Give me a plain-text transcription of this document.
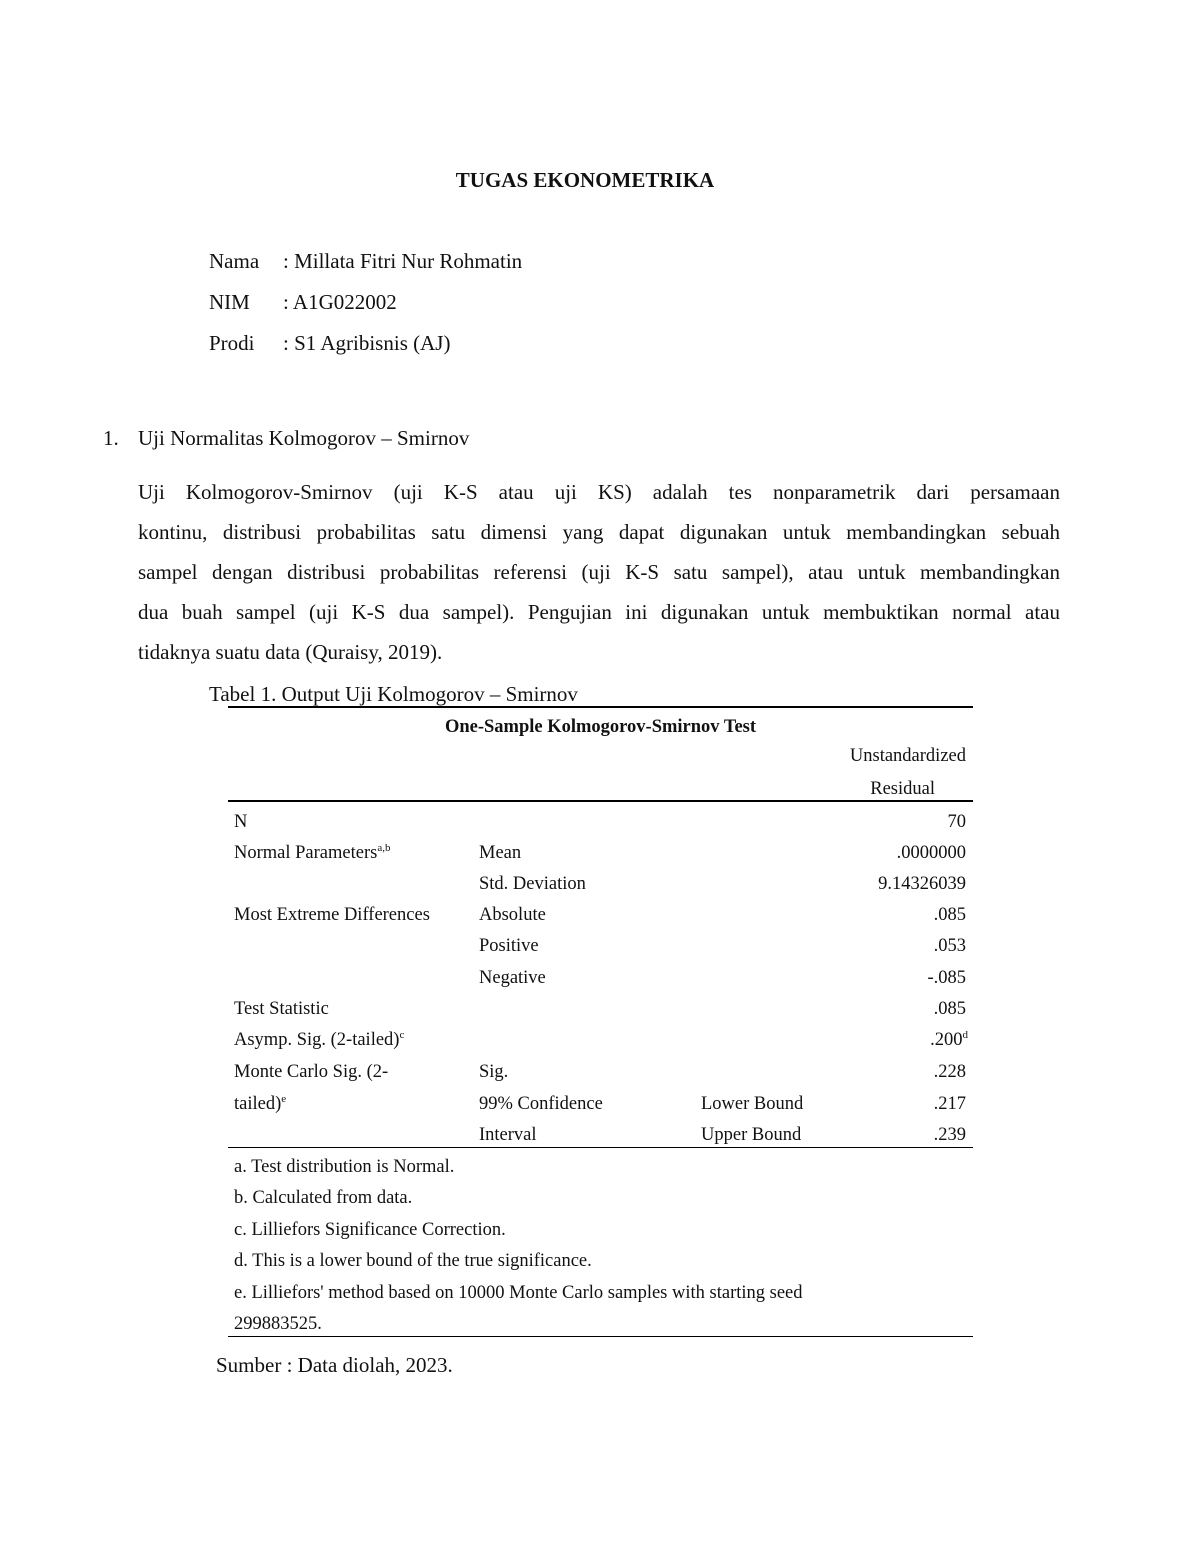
TUGAS EKONOMETRIKA
Nama : Millata Fitri Nur Rohmatin
NIM : A1G022002
Prodi : S1 Agribisnis (AJ)
1. Uji Normalitas Kolmogorov – Smirnov
Uji Kolmogorov-Smirnov (uji K-S atau uji KS) adalah tes nonparametrik dari persamaan
kontinu, distribusi probabilitas satu dimensi yang dapat digunakan untuk membandingkan sebuah
sampel dengan distribusi probabilitas referensi (uji K-S satu sampel), atau untuk membandingkan
dua buah sampel (uji K-S dua sampel). Pengujian ini digunakan untuk membuktikan normal atau
tidaknya suatu data (Quraisy, 2019).
Tabel 1. Output Uji Kolmogorov – Smirnov
One-Sample Kolmogorov-Smirnov Test
Unstandardized
Residual
N	70
Normal Parameters$^{a,b}$	Mean	.0000000
Std. Deviation	9.14326039
Most Extreme Differences	Absolute	.085
Positive	.053
Negative	-.085
Test Statistic	.085
Asymp. Sig. (2-tailed)$^c$	.200$^d$
Monte Carlo Sig. (2-	Sig.	.228
tailed)$^e$	99% Confidence	Lower Bound	.217
Interval	Upper Bound	.239
a. Test distribution is Normal.
b. Calculated from data.
c. Lilliefors Significance Correction.
d. This is a lower bound of the true significance.
e. Lilliefors' method based on 10000 Monte Carlo samples with starting seed
299883525.
Sumber : Data diolah, 2023.
